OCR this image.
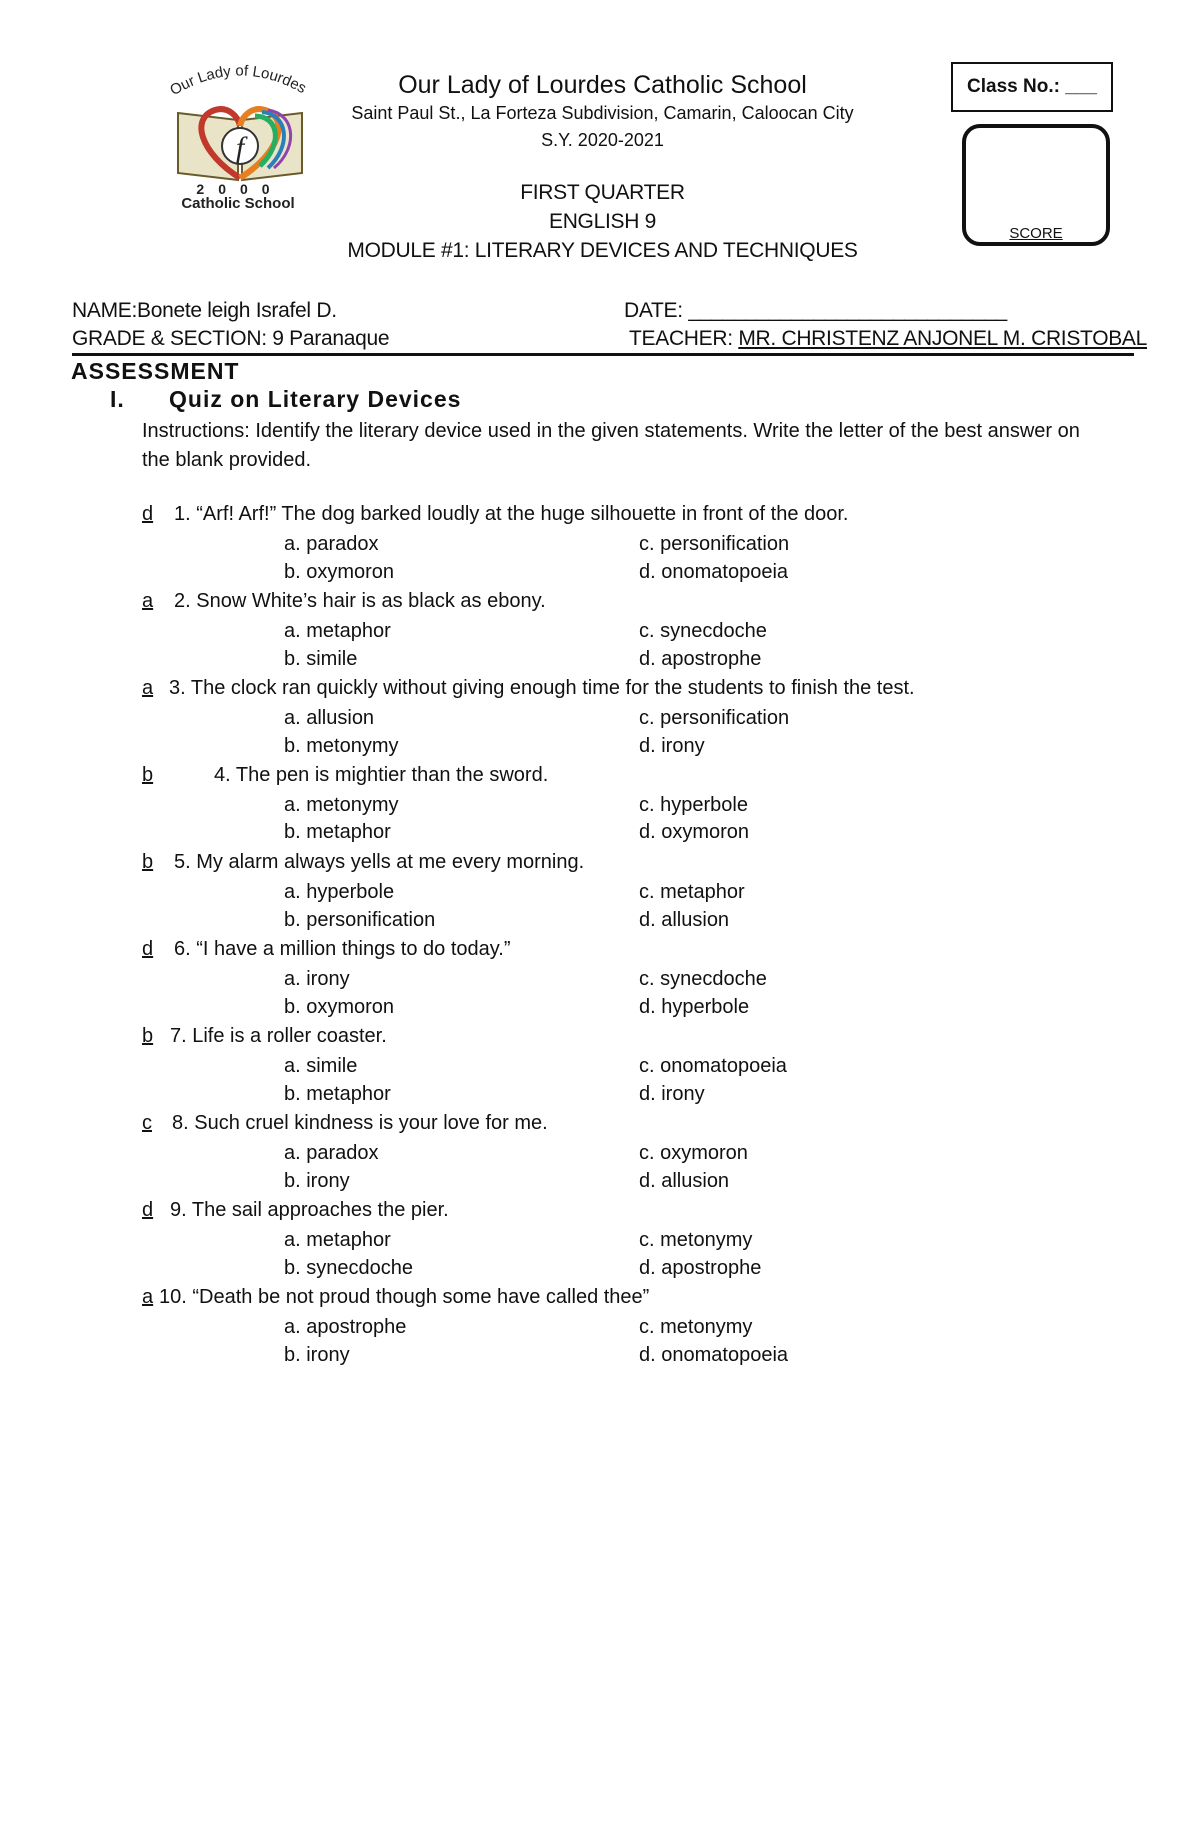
Our Lady of Lourdes
f
2000
Catholic School
Our Lady of Lourdes Catholic School
Saint Paul St., La Forteza Subdivision, Camarin, Caloocan City
S.Y. 2020-2021
FIRST QUARTER
ENGLISH 9
MODULE #1: LITERARY DEVICES AND TECHNIQUES
Class No.: ___
SCORE
NAME:Bonete leigh Israfel D.	DATE: ____________________________
GRADE & SECTION: 9 Paranaque	TEACHER: MR. CHRISTENZ ANJONEL M. CRISTOBAL
ASSESSMENT
I. Quiz on Literary Devices
Instructions: Identify the literary device used in the given statements. Write the letter of the best answer on the blank provided.
d 1. “Arf! Arf!” The dog barked loudly at the huge silhouette in front of the door.
a. paradox
b. oxymoron
c. personification
d. onomatopoeia
a 2. Snow White’s hair is as black as ebony.
a. metaphor
b. simile
c. synecdoche
d. apostrophe
a 3. The clock ran quickly without giving enough time for the students to finish the test.
a. allusion
b. metonymy
c. personification
d. irony
b	4. The pen is mightier than the sword.
a. metonymy
b. metaphor
c. hyperbole
d. oxymoron
b 5. My alarm always yells at me every morning.
a. hyperbole
b. personification
c. metaphor
d. allusion
d 6. “I have a million things to do today.”
a. irony
b. oxymoron
c. synecdoche
d. hyperbole
b 7. Life is a roller coaster.
a. simile
b. metaphor
c. onomatopoeia
d. irony
c 8. Such cruel kindness is your love for me.
a. paradox
b. irony
c. oxymoron
d. allusion
d 9. The sail approaches the pier.
a. metaphor
b. synecdoche
c. metonymy
d. apostrophe
a 10. “Death be not proud though some have called thee”
a. apostrophe
b. irony
c. metonymy
d. onomatopoeia
